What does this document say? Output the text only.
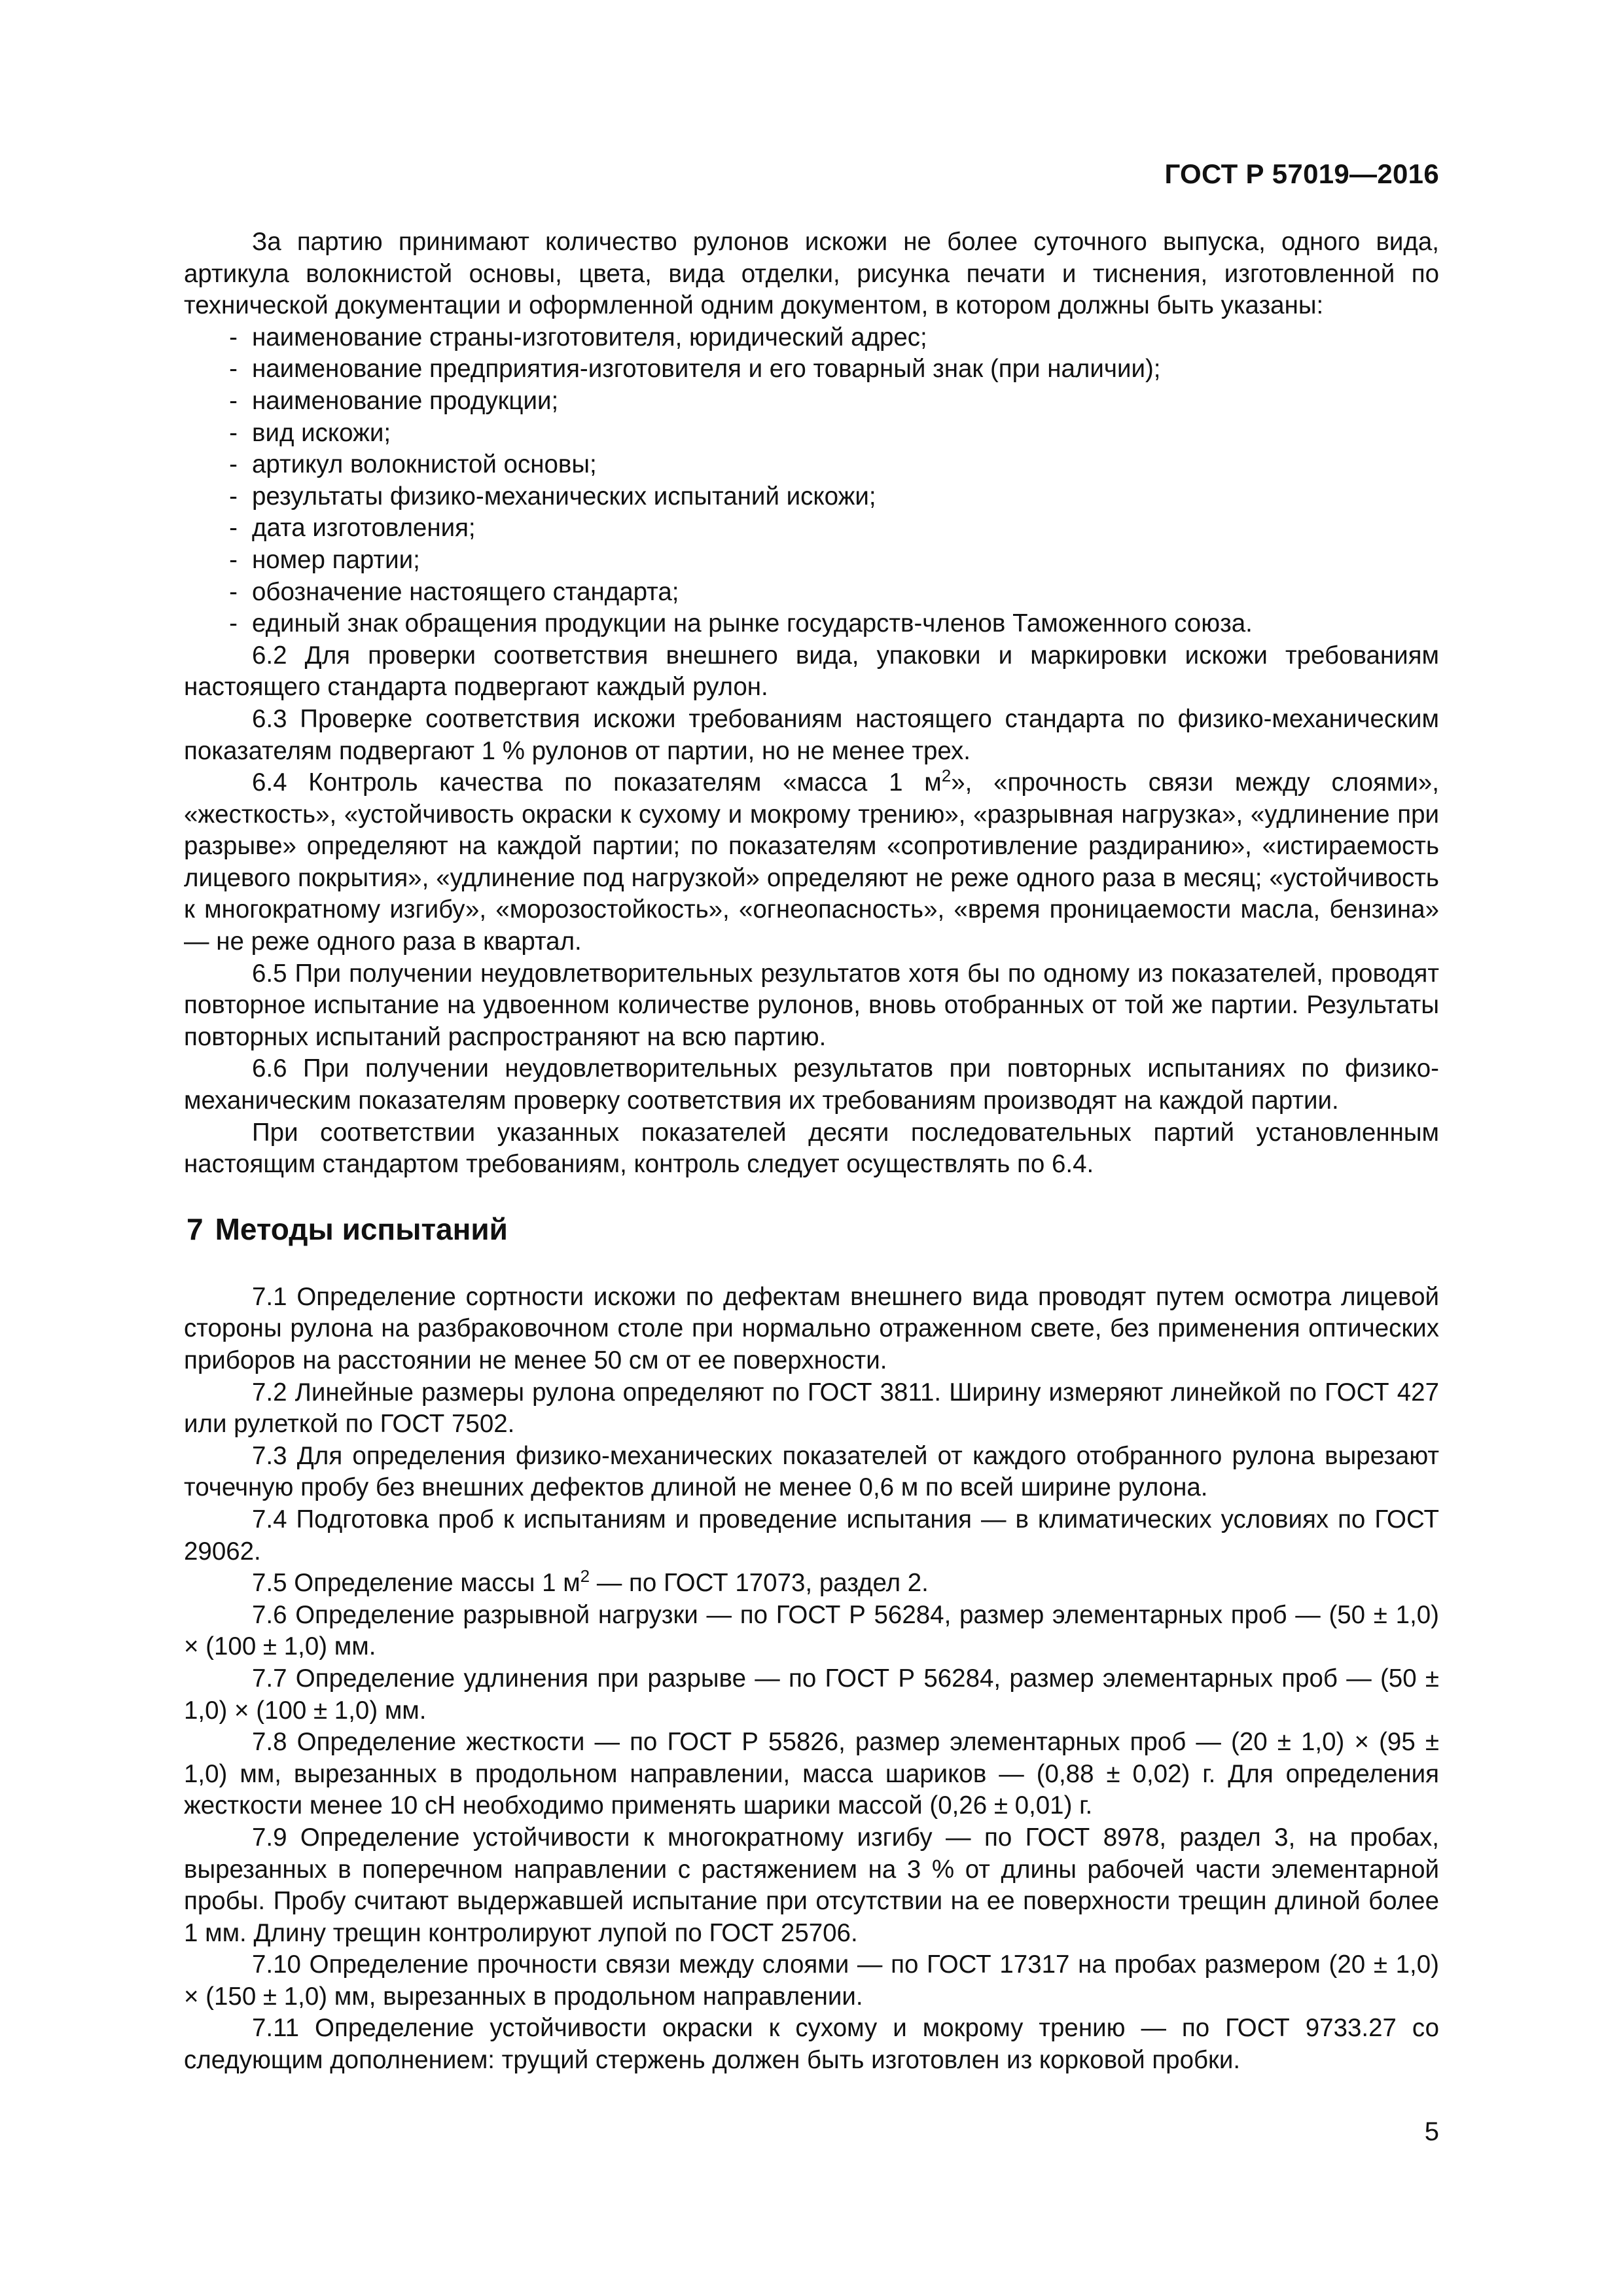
ГОСТ Р 57019—2016

За партию принимают количество рулонов искожи не более суточного выпуска, одного вида, артикула волокнистой основы, цвета, вида отделки, рисунка печати и тиснения, изготовленной по технической документации и оформленной одним документом, в котором должны быть указаны:

- наименование страны-изготовителя, юридический адрес;
- наименование предприятия-изготовителя и его товарный знак (при наличии);
- наименование продукции;
- вид искожи;
- артикул волокнистой основы;
- результаты физико-механических испытаний искожи;
- дата изготовления;
- номер партии;
- обозначение настоящего стандарта;
- единый знак обращения продукции на рынке государств-членов Таможенного союза.

6.2 Для проверки соответствия внешнего вида, упаковки и маркировки искожи требованиям настоящего стандарта подвергают каждый рулон.

6.3 Проверке соответствия искожи требованиям настоящего стандарта по физико-механическим показателям подвергают 1 % рулонов от партии, но не менее трех.

6.4 Контроль качества по показателям «масса 1 $м^2$», «прочность связи между слоями», «жесткость», «устойчивость окраски к сухому и мокрому трению», «разрывная нагрузка», «удлинение при разрыве» определяют на каждой партии; по показателям «сопротивление раздиранию», «истираемость лицевого покрытия», «удлинение под нагрузкой» определяют не реже одного раза в месяц; «устойчивость к многократному изгибу», «морозостойкость», «огнеопасность», «время проницаемости масла, бензина» — не реже одного раза в квартал.

6.5 При получении неудовлетворительных результатов хотя бы по одному из показателей, проводят повторное испытание на удвоенном количестве рулонов, вновь отобранных от той же партии. Результаты повторных испытаний распространяют на всю партию.

6.6 При получении неудовлетворительных результатов при повторных испытаниях по физико-механическим показателям проверку соответствия их требованиям производят на каждой партии.

При соответствии указанных показателей десяти последовательных партий установленным настоящим стандартом требованиям, контроль следует осуществлять по 6.4.

7 Методы испытаний

7.1 Определение сортности искожи по дефектам внешнего вида проводят путем осмотра лицевой стороны рулона на разбраковочном столе при нормально отраженном свете, без применения оптических приборов на расстоянии не менее 50 см от ее поверхности.

7.2 Линейные размеры рулона определяют по ГОСТ 3811. Ширину измеряют линейкой по ГОСТ 427 или рулеткой по ГОСТ 7502.

7.3 Для определения физико-механических показателей от каждого отобранного рулона вырезают точечную пробу без внешних дефектов длиной не менее 0,6 м по всей ширине рулона.

7.4 Подготовка проб к испытаниям и проведение испытания — в климатических условиях по ГОСТ 29062.

7.5 Определение массы 1 $м^2$ — по ГОСТ 17073, раздел 2.

7.6 Определение разрывной нагрузки — по ГОСТ Р 56284, размер элементарных проб — (50 ± 1,0) × (100 ± 1,0) мм.

7.7 Определение удлинения при разрыве — по ГОСТ Р 56284, размер элементарных проб — (50 ± 1,0) × (100 ± 1,0) мм.

7.8 Определение жесткости — по ГОСТ Р 55826, размер элементарных проб — (20 ± 1,0) × (95 ± 1,0) мм, вырезанных в продольном направлении, масса шариков — (0,88 ± 0,02) г. Для определения жесткости менее 10 сН необходимо применять шарики массой (0,26 ± 0,01) г.

7.9 Определение устойчивости к многократному изгибу — по ГОСТ 8978, раздел 3, на пробах, вырезанных в поперечном направлении с растяжением на 3 % от длины рабочей части элементарной пробы. Пробу считают выдержавшей испытание при отсутствии на ее поверхности трещин длиной более 1 мм. Длину трещин контролируют лупой по ГОСТ 25706.

7.10 Определение прочности связи между слоями — по ГОСТ 17317 на пробах размером (20 ± 1,0) × (150 ± 1,0) мм, вырезанных в продольном направлении.

7.11 Определение устойчивости окраски к сухому и мокрому трению — по ГОСТ 9733.27 со следующим дополнением: трущий стержень должен быть изготовлен из корковой пробки.

5
